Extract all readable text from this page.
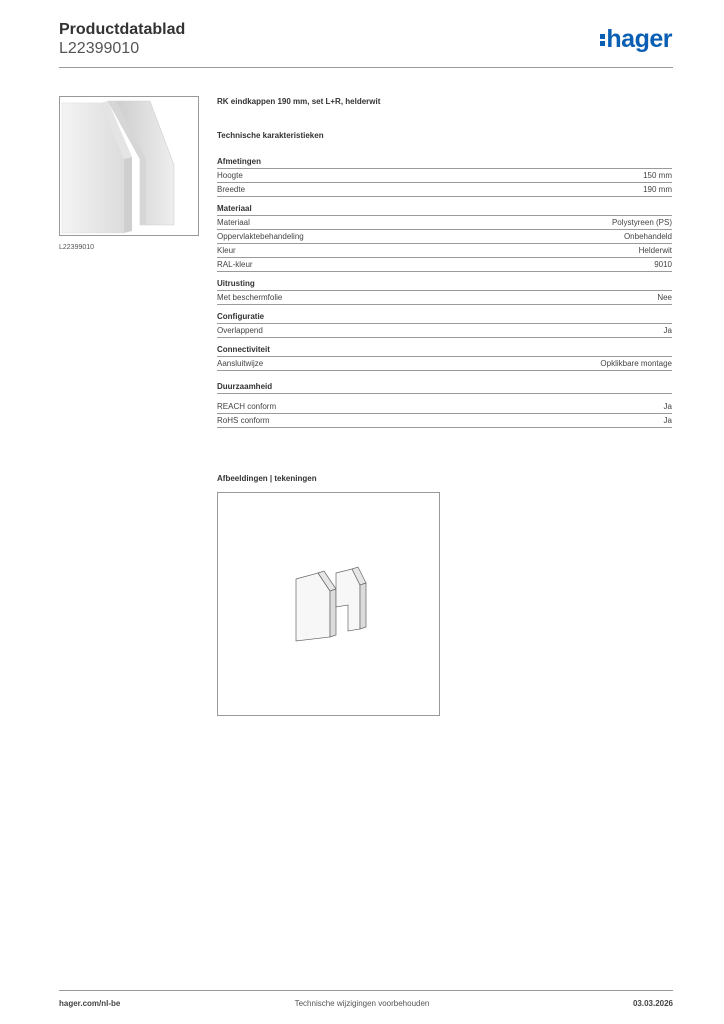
Productdatablad
L22399010	hager
L22399010
RK eindkappen 190 mm, set L+R, helderwit
Technische karakteristieken
Afmetingen
Hoogte	150 mm
Breedte	190 mm
Materiaal
Materiaal	Polystyreen (PS)
Oppervlaktebehandeling	Onbehandeld
Kleur	Helderwit
RAL-kleur	9010
Uitrusting
Met beschermfolie	Nee
Configuratie
Overlappend	Ja
Connectiviteit
Aansluitwijze	Opklikbare montage
Duurzaamheid
REACH conform	Ja
RoHS conform	Ja
Afbeeldingen | tekeningen
hager.com/nl-be	Technische wijzigingen voorbehouden	03.03.2026
